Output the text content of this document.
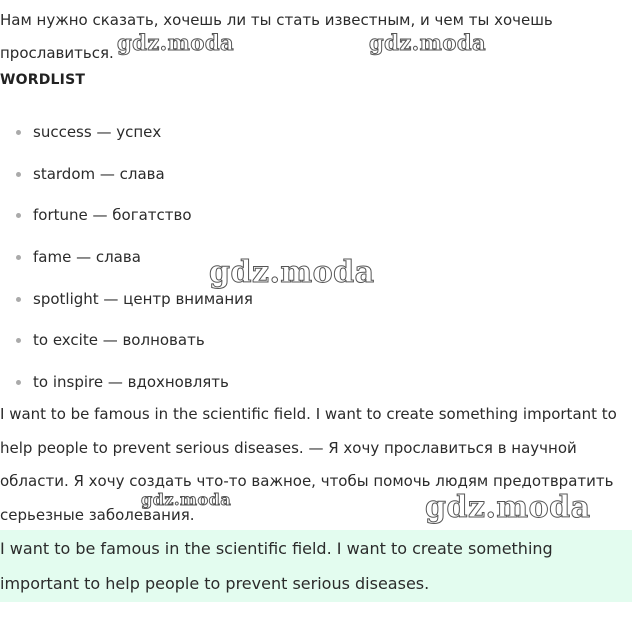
Нам нужно сказать, хочешь ли ты стать известным, и чем ты хочешь прославиться.

WORDLIST
success — успех
stardom — слава
fortune — богатство
fame — слава
spotlight — центр внимания
to excite — волновать
to inspire — вдохновлять

I want to be famous in the scientific field. I want to create something important to help people to prevent serious diseases. — Я хочу прославиться в научной области. Я хочу создать что-то важное, чтобы помочь людям предотвратить серьезные заболевания.

I want to be famous in the scientific field. I want to create something important to help people to prevent serious diseases.

gdz.moda	gdz.moda
gdz.moda
gdz.moda	gdz.moda
